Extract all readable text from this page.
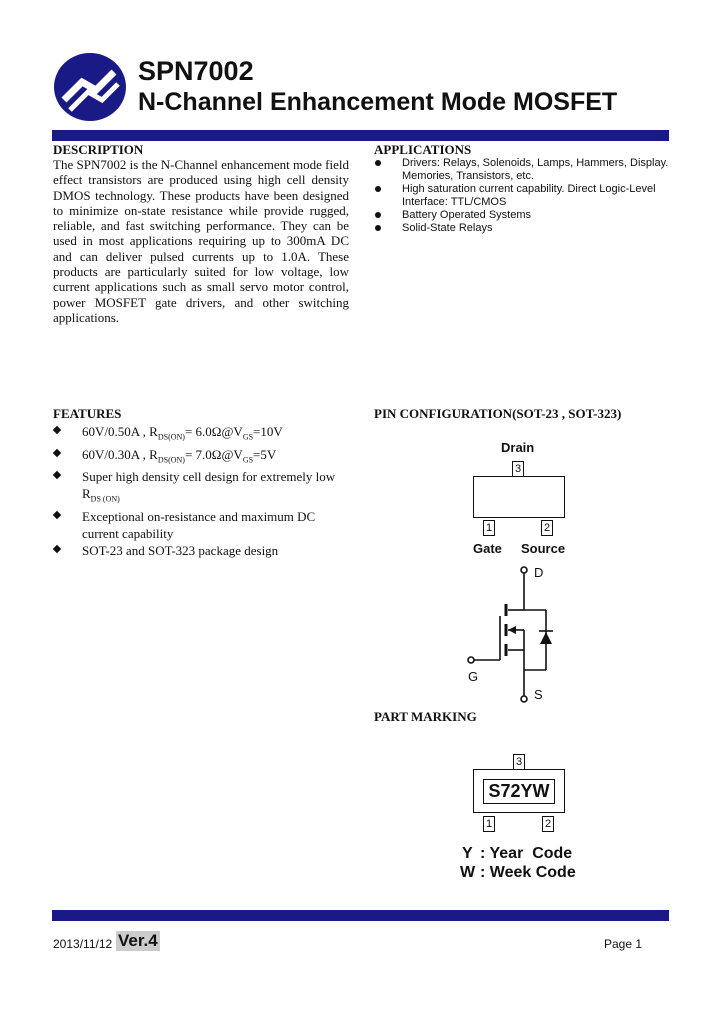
SPN7002
N-Channel Enhancement Mode MOSFET
DESCRIPTION

The SPN7002 is the N-Channel enhancement mode field effect transistors are produced using high cell density DMOS technology. These products have been designed to minimize on-state resistance while provide rugged, reliable, and fast switching performance. They can be used in most applications requiring up to 300mA DC and can deliver pulsed currents up to 1.0A. These products are particularly suited for low voltage, low current applications such as small servo motor control, power MOSFET gate drivers, and other switching applications.

APPLICATIONS
Drivers: Relays, Solenoids, Lamps, Hammers, Display. Memories, Transistors, etc.
High saturation current capability. Direct Logic-Level Interface: TTL/CMOS
Battery Operated Systems
Solid-State Relays
FEATURES
60V/0.50A , $R_{DS(ON)}=$ $6.0\Omega@V_{GS}=10V$
60V/0.30A , $R_{DS(ON)}=$ $7.0\Omega@V_{GS}=5V$
Super high density cell design for extremely low $R_{DS (ON)}$
Exceptional on-resistance and maximum DC current capability
SOT-23 and SOT-323 package design
PIN CONFIGURATION(SOT-23 , SOT-323)
Drain
3
1	2
Gate Source
D
G
S
PART MARKING
3
S72YW
1	2
Y : Year  Code
W : Week Code
2013/11/12 Ver.4	Page 1
